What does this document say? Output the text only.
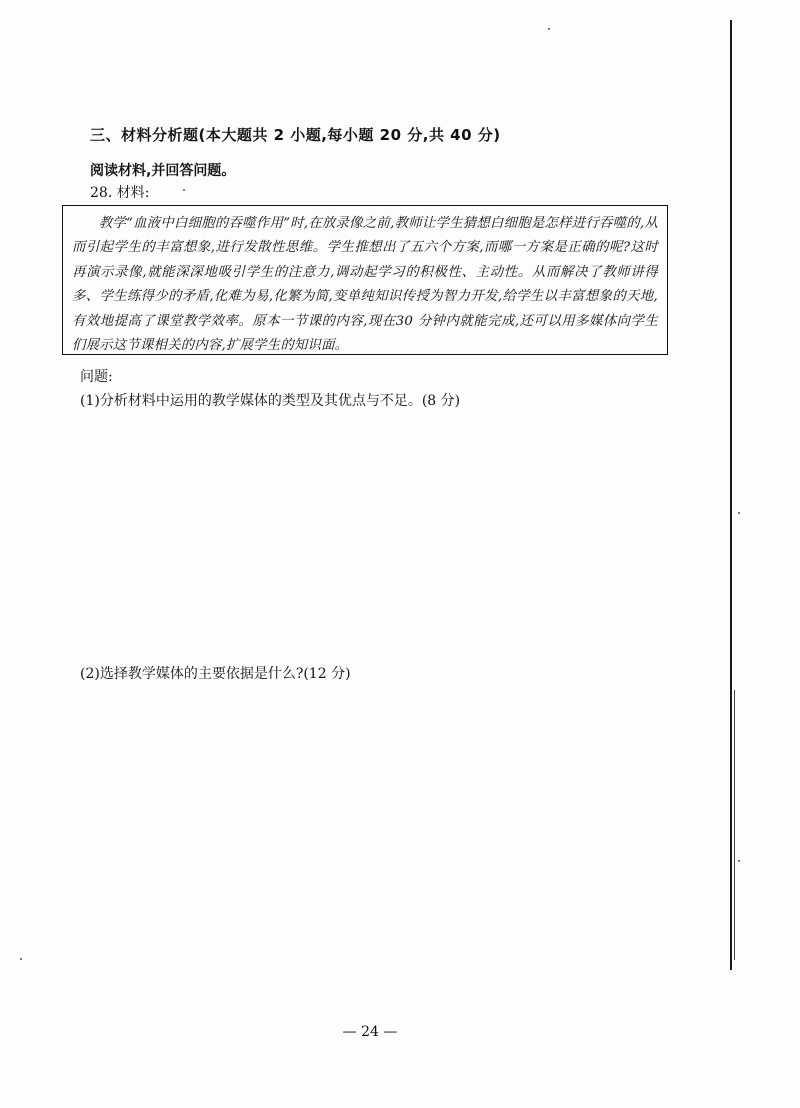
三、材料分析题(本大题共 2 小题,每小题 20 分,共 40 分)
阅读材料,并回答问题。
28. 材料:
教学“血液中白细胞的吞噬作用”时,在放录像之前,教师让学生猜想白细胞是怎样进行吞噬的,从而引起学生的丰富想象,进行发散性思维。学生推想出了五六个方案,而哪一方案是正确的呢?这时再演示录像,就能深深地吸引学生的注意力,调动起学习的积极性、主动性。从而解决了教师讲得多、学生练得少的矛盾,化难为易,化繁为简,变单纯知识传授为智力开发,给学生以丰富想象的天地,有效地提高了课堂教学效率。原本一节课的内容,现在30 分钟内就能完成,还可以用多媒体向学生们展示这节课相关的内容,扩展学生的知识面。
问题:
(1)分析材料中运用的教学媒体的类型及其优点与不足。(8 分)
(2)选择教学媒体的主要依据是什么?(12 分)
— 24 —
